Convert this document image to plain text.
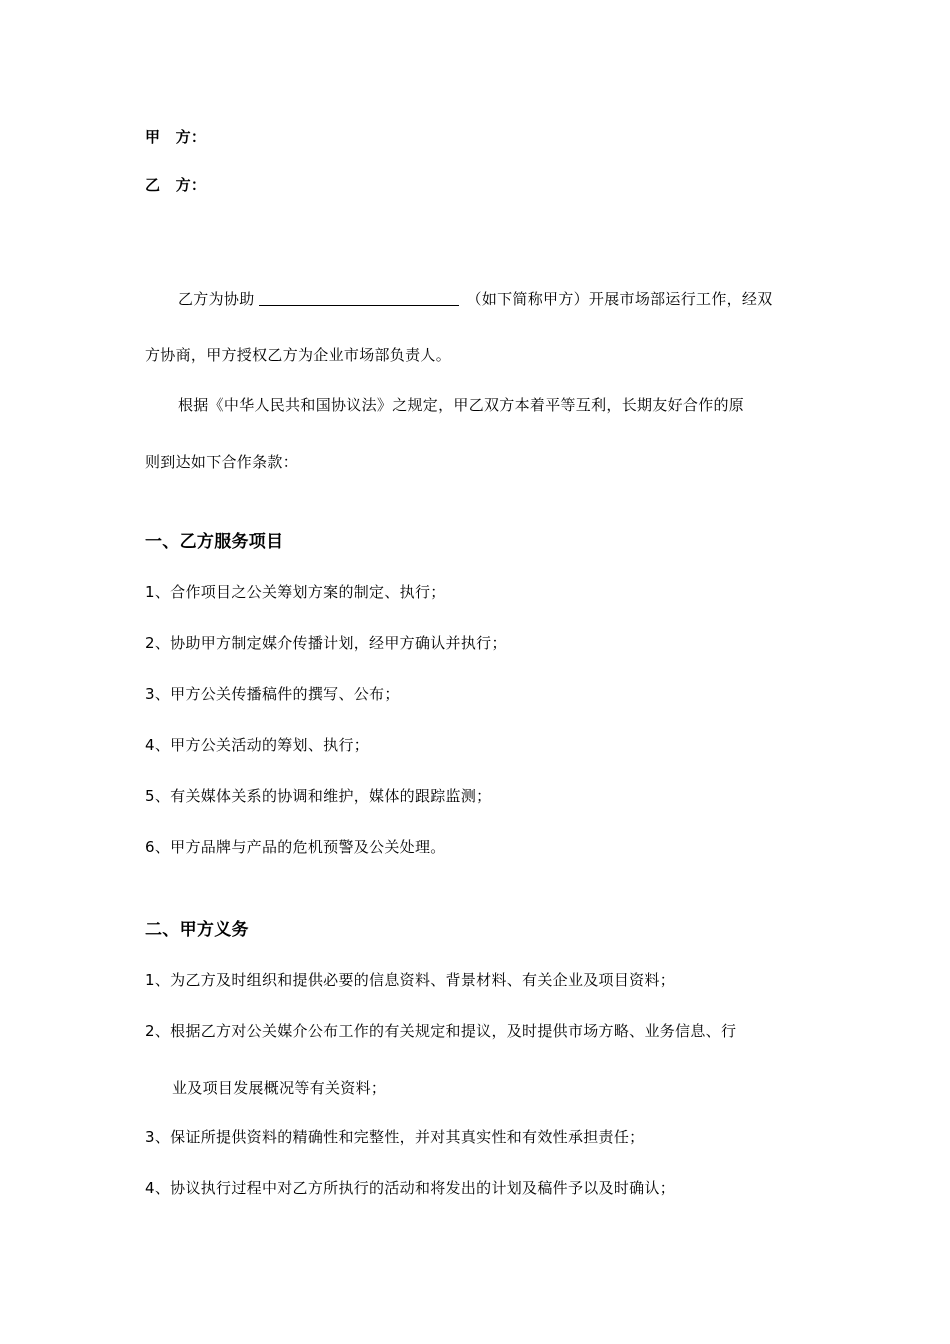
甲　方：
乙　方：
乙方为协助	（如下简称甲方）开展市场部运行工作，经双
方协商，甲方授权乙方为企业市场部负责人。
根据《中华人民共和国协议法》之规定，甲乙双方本着平等互利，长期友好合作的原
则到达如下合作条款：
一、乙方服务项目
1、合作项目之公关筹划方案的制定、执行；
2、协助甲方制定媒介传播计划，经甲方确认并执行；
3、甲方公关传播稿件的撰写、公布；
4、甲方公关活动的筹划、执行；
5、有关媒体关系的协调和维护，媒体的跟踪监测；
6、甲方品牌与产品的危机预警及公关处理。
二、甲方义务
1、为乙方及时组织和提供必要的信息资料、背景材料、有关企业及项目资料；
2、根据乙方对公关媒介公布工作的有关规定和提议，及时提供市场方略、业务信息、行
业及项目发展概况等有关资料；
3、保证所提供资料的精确性和完整性，并对其真实性和有效性承担责任；
4、协议执行过程中对乙方所执行的活动和将发出的计划及稿件予以及时确认；
